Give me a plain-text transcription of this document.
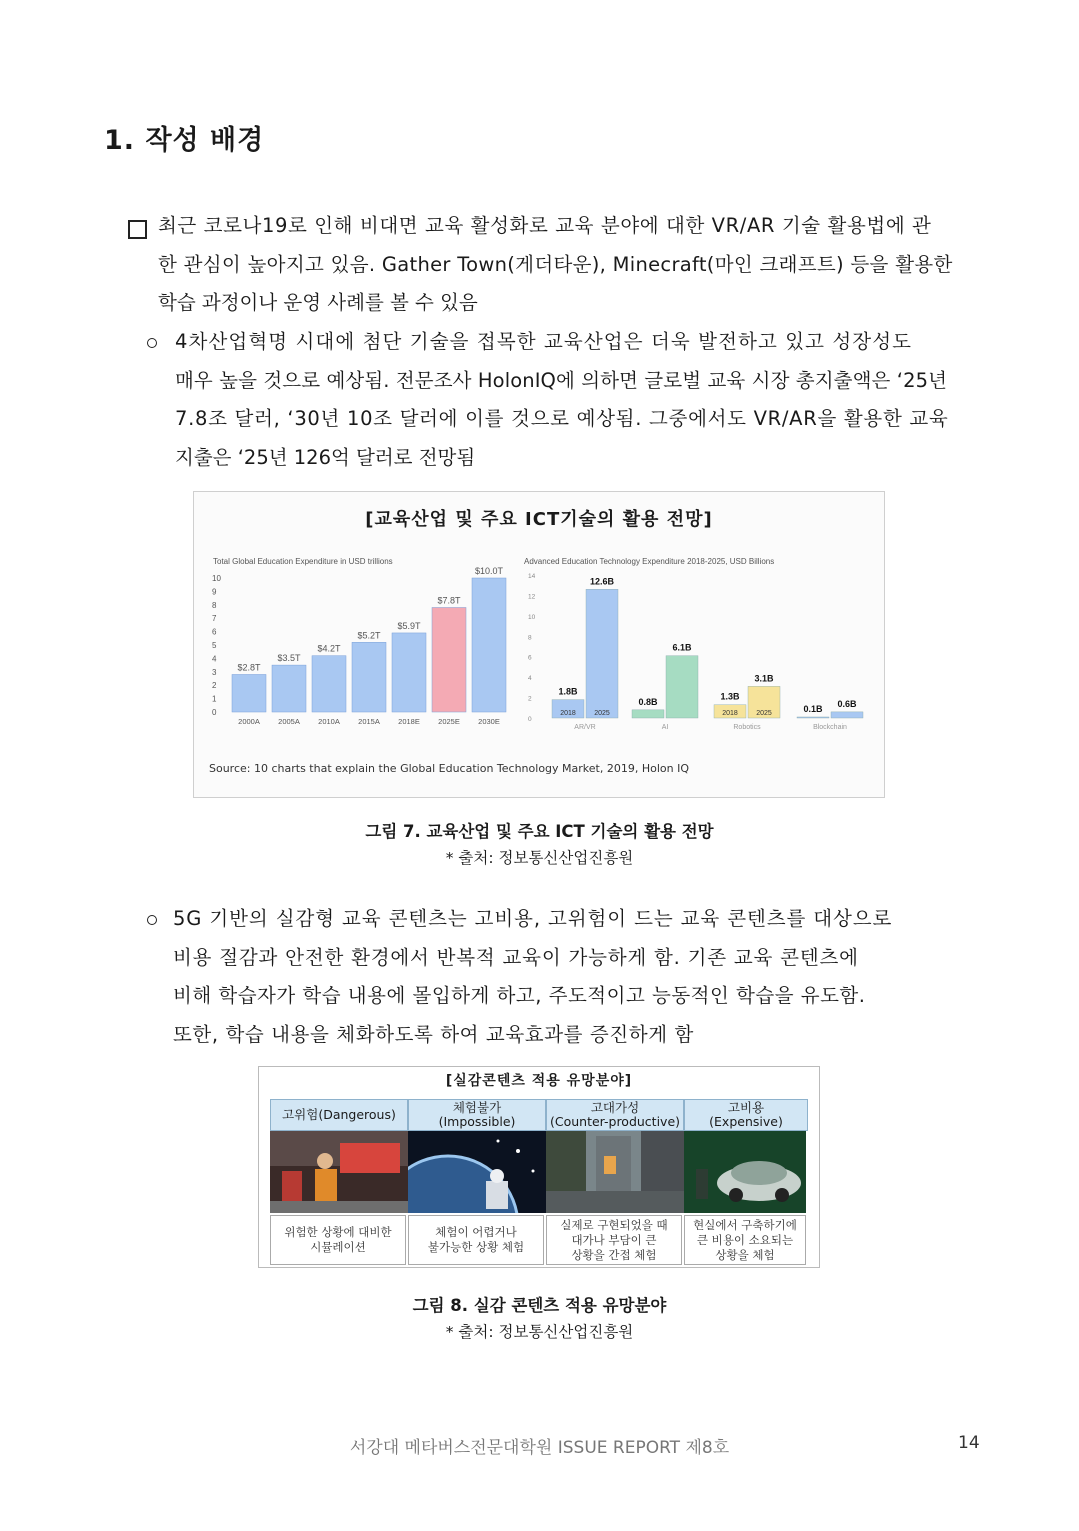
1. 작성 배경
최근 코로나19로 인해 비대면 교육 활성화로 교육 분야에 대한 VR/AR 기술 활용법에 관
한 관심이 높아지고 있음. Gather Town(게더타운), Minecraft(마인 크래프트) 등을 활용한
학습 과정이나 운영 사례를 볼 수 있음
4차산업혁명 시대에 첨단 기술을 접목한 교육산업은 더욱 발전하고 있고 성장성도
매우 높을 것으로 예상됨. 전문조사 HolonIQ에 의하면 글로벌 교육 시장 총지출액은 ‘25년
7.8조 달러, ‘30년 10조 달러에 이를 것으로 예상됨. 그중에서도 VR/AR을 활용한 교육
지출은 ‘25년 126억 달러로 전망됨
[교육산업 및 주요 ICT기술의 활용 전망]
Total Global Education Expenditure in USD trillions
0
1
2
3
4
5
6
7
8
9
10
$2.8T
2000A
$3.5T
2005A
$4.2T
2010A
$5.2T
2015A
$5.9T
2018E
$7.8T
2025E
$10.0T
2030E
Advanced Education Technology Expenditure 2018-2025, USD Billions
0
2
4
6
8
10
12
14
1.8B
2018
12.6B
2025
AR/VR
0.8B
6.1B
AI
1.3B
2018
3.1B
2025
Robotics
0.1B
0.6B
Blockchain
Source: 10 charts that explain the Global Education Technology Market, 2019, Holon IQ
그림 7. 교육산업 및 주요 ICT 기술의 활용 전망
* 출처: 정보통신산업진흥원
5G 기반의 실감형 교육 콘텐츠는 고비용, 고위험이 드는 교육 콘텐츠를 대상으로
비용 절감과 안전한 환경에서 반복적 교육이 가능하게 함. 기존 교육 콘텐츠에
비해 학습자가 학습 내용에 몰입하게 하고, 주도적이고 능동적인 학습을 유도함.
또한, 학습 내용을 체화하도록 하여 교육효과를 증진하게 함
[실감콘텐츠 적용 유망분야]
고위험(Dangerous)	체험불가
(Impossible)
고대가성
(Counter-productive)
고비용
(Expensive)
위험한 상황에 대비한
시뮬레이션
체험이 어렵거나
불가능한 상황 체험
실제로 구현되었을 때
대가나 부담이 큰
상황을 간접 체험
현실에서 구축하기에
큰 비용이 소요되는
상황을 체험
그림 8. 실감 콘텐츠 적용 유망분야
* 출처: 정보통신산업진흥원
서강대 메타버스전문대학원 ISSUE REPORT 제8호	14
